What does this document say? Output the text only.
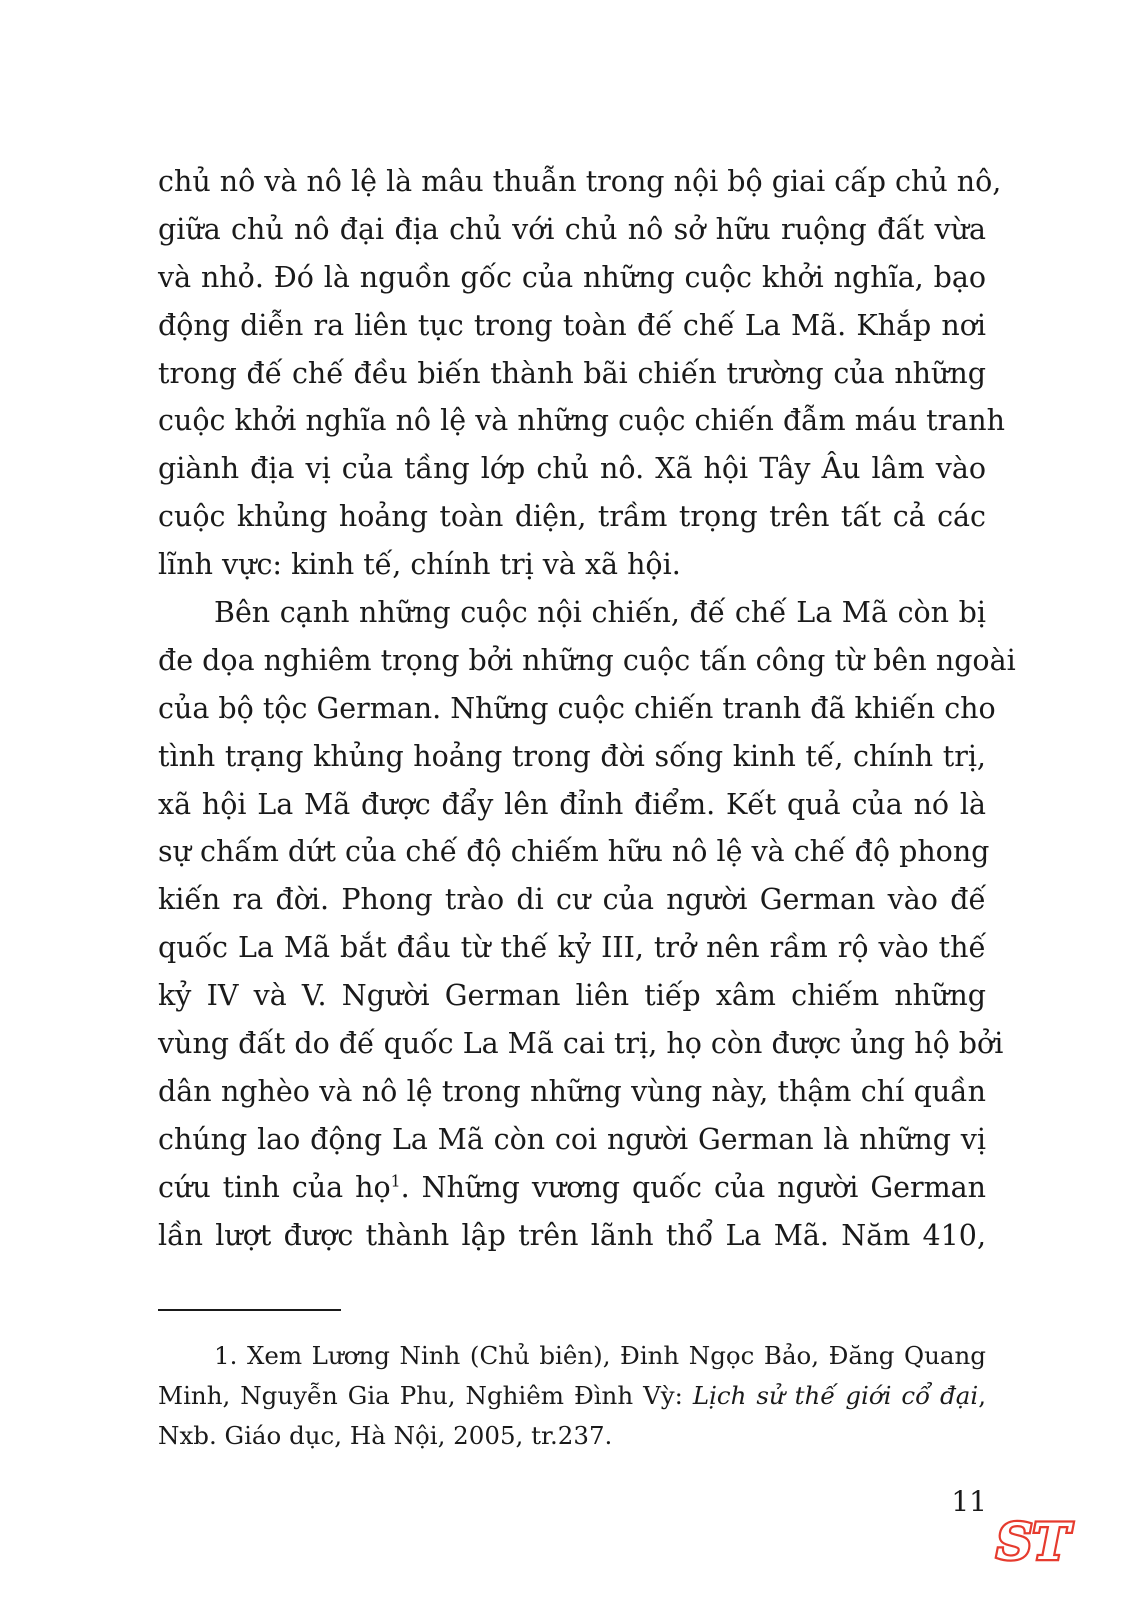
chủ nô và nô lệ là mâu thuẫn trong nội bộ giai cấp chủ nô,
giữa chủ nô đại địa chủ với chủ nô sở hữu ruộng đất vừa
và nhỏ. Đó là nguồn gốc của những cuộc khởi nghĩa, bạo
động diễn ra liên tục trong toàn đế chế La Mã. Khắp nơi
trong đế chế đều biến thành bãi chiến trường của những
cuộc khởi nghĩa nô lệ và những cuộc chiến đẫm máu tranh
giành địa vị của tầng lớp chủ nô. Xã hội Tây Âu lâm vào
cuộc khủng hoảng toàn diện, trầm trọng trên tất cả các
lĩnh vực: kinh tế, chính trị và xã hội.
Bên cạnh những cuộc nội chiến, đế chế La Mã còn bị
đe dọa nghiêm trọng bởi những cuộc tấn công từ bên ngoài
của bộ tộc German. Những cuộc chiến tranh đã khiến cho
tình trạng khủng hoảng trong đời sống kinh tế, chính trị,
xã hội La Mã được đẩy lên đỉnh điểm. Kết quả của nó là
sự chấm dứt của chế độ chiếm hữu nô lệ và chế độ phong
kiến ra đời. Phong trào di cư của người German vào đế
quốc La Mã bắt đầu từ thế kỷ III, trở nên rầm rộ vào thế
kỷ IV và V. Người German liên tiếp xâm chiếm những
vùng đất do đế quốc La Mã cai trị, họ còn được ủng hộ bởi
dân nghèo và nô lệ trong những vùng này, thậm chí quần
chúng lao động La Mã còn coi người German là những vị
cứu tinh của họ$^1$. Những vương quốc của người German
lần lượt được thành lập trên lãnh thổ La Mã. Năm 410,
1. Xem Lương Ninh (Chủ biên), Đinh Ngọc Bảo, Đăng Quang
Minh, Nguyễn Gia Phu, Nghiêm Đình Vỳ: Lịch sử thế giới cổ đại,
Nxb. Giáo dục, Hà Nội, 2005, tr.237.
11
ST
